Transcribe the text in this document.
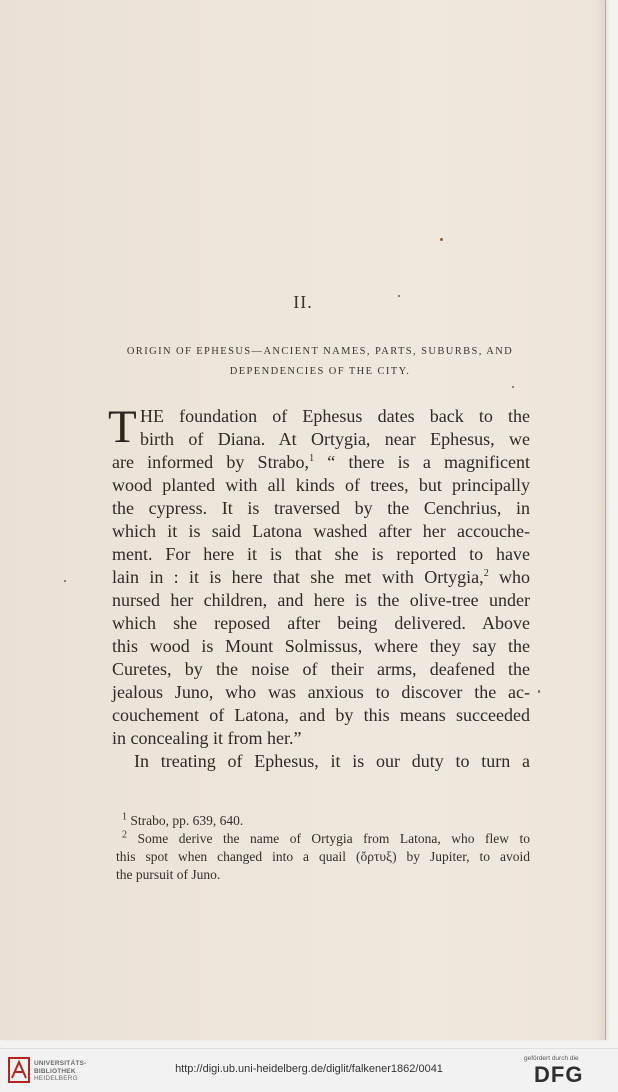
II.
ORIGIN OF EPHESUS—ANCIENT NAMES, PARTS, SUBURBS, AND
DEPENDENCIES OF THE CITY.
T HE foundation of Ephesus dates back to the
birth of Diana. At Ortygia, near Ephesus, we
are informed by Strabo,$^1$ “ there is a magnificent
wood planted with all kinds of trees, but principally
the cypress. It is traversed by the Cenchrius, in
which it is said Latona washed after her accouche-
ment. For here it is that she is reported to have
lain in : it is here that she met with Ortygia,$^2$ who
nursed her children, and here is the olive-tree under
which she reposed after being delivered. Above
this wood is Mount Solmissus, where they say the
Curetes, by the noise of their arms, deafened the
jealous Juno, who was anxious to discover the ac-
couchement of Latona, and by this means succeeded
in concealing it from her.”
In treating of Ephesus, it is our duty to turn a
$^1$ Strabo, pp. 639, 640.
$^2$ Some derive the name of Ortygia from Latona, who flew to
this spot when changed into a quail (ὄρτυξ) by Jupiter, to avoid
the pursuit of Juno.
UNIVERSITÄTS-
BIBLIOTHEK
HEIDELBERG
http://digi.ub.uni-heidelberg.de/diglit/falkener1862/0041
gefördert durch die
DFG
